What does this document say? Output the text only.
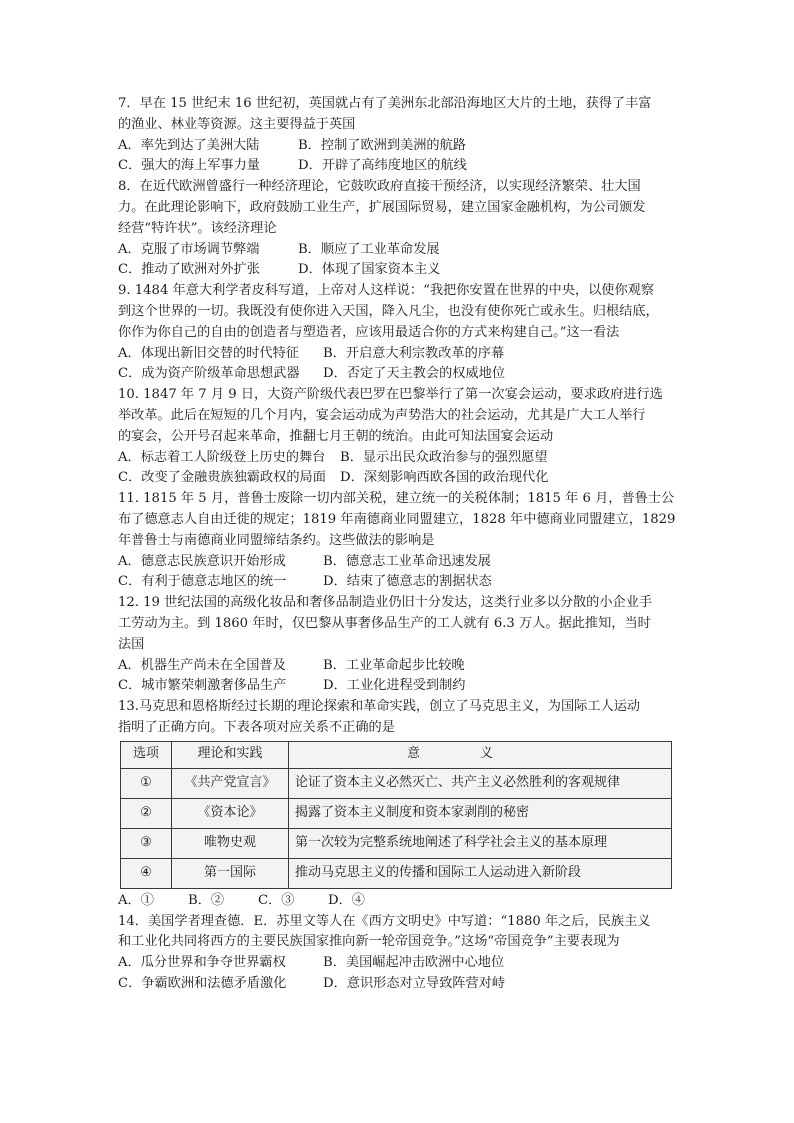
7．早在 15 世纪末 16 世纪初，英国就占有了美洲东北部沿海地区大片的土地，获得了丰富
的渔业、林业等资源。这主要得益于英国
A．率先到达了美洲大陆	B．控制了欧洲到美洲的航路
C．强大的海上军事力量	D．开辟了高纬度地区的航线
8．在近代欧洲曾盛行一种经济理论，它鼓吹政府直接干预经济，以实现经济繁荣、壮大国
力。在此理论影响下，政府鼓励工业生产，扩展国际贸易，建立国家金融机构，为公司颁发
经营“特许状”。该经济理论
A．克服了市场调节弊端	B．顺应了工业革命发展
C．推动了欧洲对外扩张	D．体现了国家资本主义
9. 1484 年意大利学者皮科写道，上帝对人这样说：“我把你安置在世界的中央，以使你观察
到这个世界的一切。我既没有使你进入天国，降入凡尘，也没有使你死亡或永生。归根结底，
你作为你自己的自由的创造者与塑造者，应该用最适合你的方式来构建自己。”这一看法
A．体现出新旧交替的时代特征	B．开启意大利宗教改革的序幕
C．成为资产阶级革命思想武器	D．否定了天主教会的权威地位
10. 1847 年 7 月 9 日，大资产阶级代表巴罗在巴黎举行了第一次宴会运动，要求政府进行选
举改革。此后在短短的几个月内，宴会运动成为声势浩大的社会运动，尤其是广大工人举行
的宴会，公开号召起来革命，推翻七月王朝的统治。由此可知法国宴会运动
A．标志着工人阶级登上历史的舞台	B．显示出民众政治参与的强烈愿望
C．改变了金融贵族独霸政权的局面	D．深刻影响西欧各国的政治现代化
11. 1815 年 5 月，普鲁士废除一切内部关税，建立统一的关税体制；1815 年 6 月，普鲁士公
布了德意志人自由迁徙的规定；1819 年南德商业同盟建立，1828 年中德商业同盟建立，1829
年普鲁士与南德商业同盟缔结条约。这些做法的影响是
A．德意志民族意识开始形成	B．德意志工业革命迅速发展
C．有利于德意志地区的统一	D．结束了德意志的割据状态
12. 19 世纪法国的高级化妆品和奢侈品制造业仍旧十分发达，这类行业多以分散的小企业手
工劳动为主。到 1860 年时，仅巴黎从事奢侈品生产的工人就有 6.3 万人。据此推知，当时
法国
A．机器生产尚未在全国普及	B．工业革命起步比较晚
C．城市繁荣刺激奢侈品生产	D．工业化进程受到制约
13.马克思和恩格斯经过长期的理论探索和革命实践，创立了马克思主义，为国际工人运动
指明了正确方向。下表各项对应关系不正确的是
选项	理论和实践	意义
①	《共产党宣言》	论证了资本主义必然灭亡、共产主义必然胜利的客观规律
②	《资本论》	揭露了资本主义制度和资本家剥削的秘密
③	唯物史观	第一次较为完整系统地阐述了科学社会主义的基本原理
④	第一国际	推动马克思主义的传播和国际工人运动进入新阶段
A．①	B．②	C．③	D．④
14．美国学者理查德．E．苏里文等人在《西方文明史》中写道：“1880 年之后，民族主义
和工业化共同将西方的主要民族国家推向新一轮帝国竞争。”这场“帝国竞争”主要表现为
A．瓜分世界和争夺世界霸权	B．美国崛起冲击欧洲中心地位
C．争霸欧洲和法德矛盾激化	D．意识形态对立导致阵营对峙
